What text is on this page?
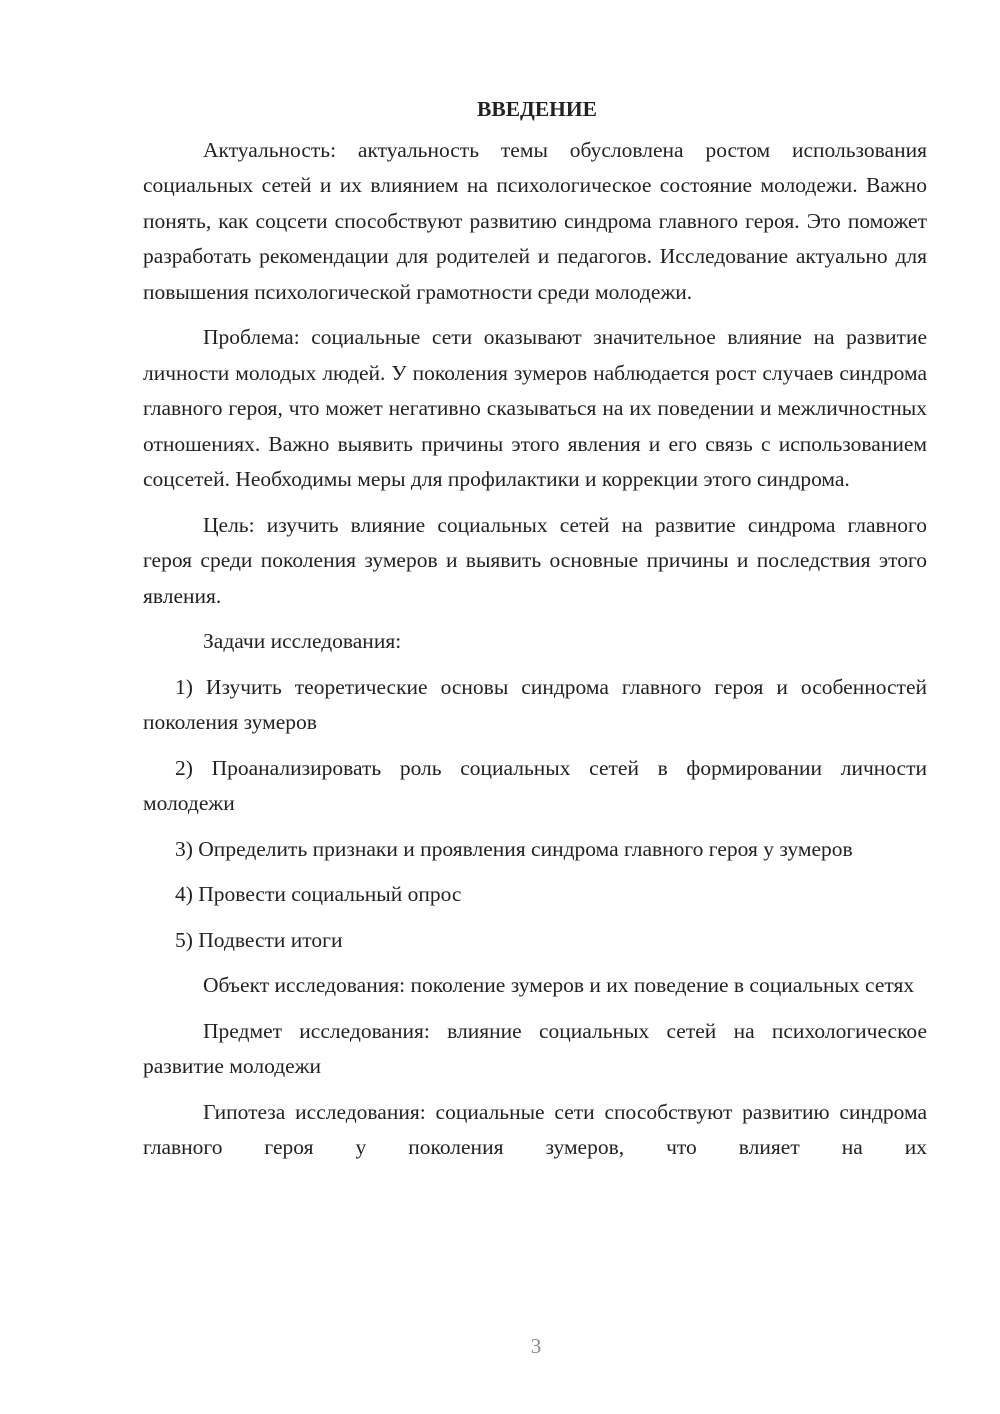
ВВЕДЕНИЕ

Актуальность: актуальность темы обусловлена ростом использования социальных сетей и их влиянием на психологическое состояние молодежи. Важно понять, как соцсети способствуют развитию синдрома главного героя. Это поможет разработать рекомендации для родителей и педагогов. Исследование актуально для повышения психологической грамотности среди молодежи.

Проблема: социальные сети оказывают значительное влияние на развитие личности молодых людей. У поколения зумеров наблюдается рост случаев синдрома главного героя, что может негативно сказываться на их поведении и межличностных отношениях. Важно выявить причины этого явления и его связь с использованием соцсетей. Необходимы меры для профилактики и коррекции этого синдрома.

Цель: изучить влияние социальных сетей на развитие синдрома главного героя среди поколения зумеров и выявить основные причины и последствия этого явления.

Задачи исследования:

1) Изучить теоретические основы синдрома главного героя и особенностей поколения зумеров

2) Проанализировать роль социальных сетей в формировании личности молодежи

3) Определить признаки и проявления синдрома главного героя у зумеров

4) Провести социальный опрос

5) Подвести итоги

Объект исследования: поколение зумеров и их поведение в социальных сетях

Предмет исследования: влияние социальных сетей на психологическое развитие молодежи

Гипотеза исследования: социальные сети способствуют развитию синдрома главного героя у поколения зумеров, что влияет на их

3
